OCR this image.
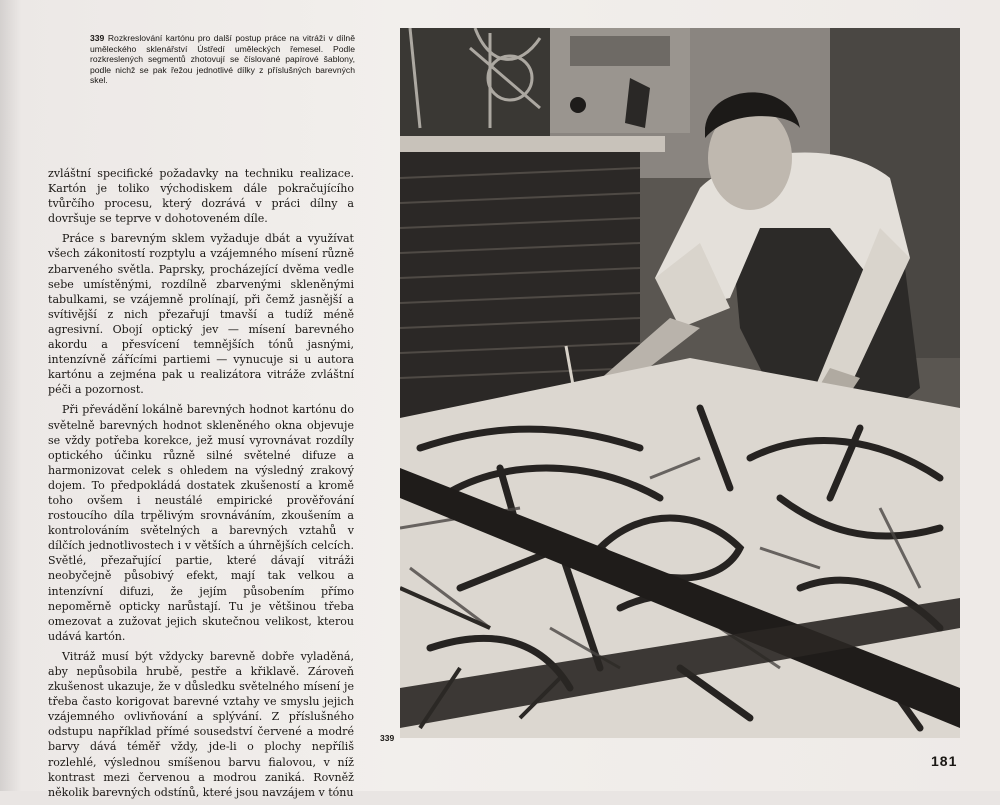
339 Rozkreslování kartónu pro další postup práce na vitráži v dílně uměleckého sklenářství Ústředí uměleckých řemesel. Podle rozkreslených segmentů zhotovují se číslované papírové šablony, podle nichž se pak řežou jednotlivé dílky z příslušných barevných skel.

zvláštní specifické požadavky na techniku realizace. Kartón je toliko východiskem dále pokračujícího tvůrčího procesu, který dozrává v práci dílny a dovršuje se teprve v dohotoveném díle.

Práce s barevným sklem vyžaduje dbát a využívat všech zákonitostí rozptylu a vzájemného mísení různě zbarveného světla. Paprsky, procházející dvěma vedle sebe umístěnými, rozdílně zbarvenými skleněnými tabulkami, se vzájemně prolínají, při čemž jasnější a svítivější z nich přezařují tmavší a tudíž méně agresivní. Obojí optický jev — mísení barevného akordu a přesvícení temnějších tónů jasnými, intenzívně zářícími partiemi — vynucuje si u autora kartónu a zejména pak u realizátora vitráže zvláštní péči a pozornost.

Při převádění lokálně barevných hodnot kartónu do světelně barevných hodnot skleněného okna objevuje se vždy potřeba korekce, jež musí vyrovnávat rozdíly optického účinku různě silné světelné difuze a harmonizovat celek s ohledem na výsledný zrakový dojem. To předpokládá dostatek zkušeností a kromě toho ovšem i neustálé empirické prověřování rostoucího díla trpělivým srovnáváním, zkoušením a kontrolováním světelných a barevných vztahů v dílčích jednotlivostech i v větších a úhrnějších celcích. Světlé, přezařující partie, které dávají vitráži neobyčejně působivý efekt, mají tak velkou a intenzívní difuzi, že jejím působením přímo nepoměrně opticky narůstají. Tu je většinou třeba omezovat a zužovat jejich skutečnou velikost, kterou udává kartón.

Vitráž musí být vždycky barevně dobře vyladěná, aby nepůsobila hrubě, pestře a křiklavě. Zároveň zkušenost ukazuje, že v důsledku světelného mísení je třeba často korigovat barevné vztahy ve smyslu jejich vzájemného ovlivňování a splývání. Z příslušného odstupu například přímé sousedství červené a modré barvy dává téměř vždy, jde-li o plochy nepříliš rozlehlé, výslednou smíšenou barvu fialovou, v níž kontrast mezi červenou a modrou zaniká. Rovněž několik barevných odstínů, které jsou navzájem v tónu

339

181
